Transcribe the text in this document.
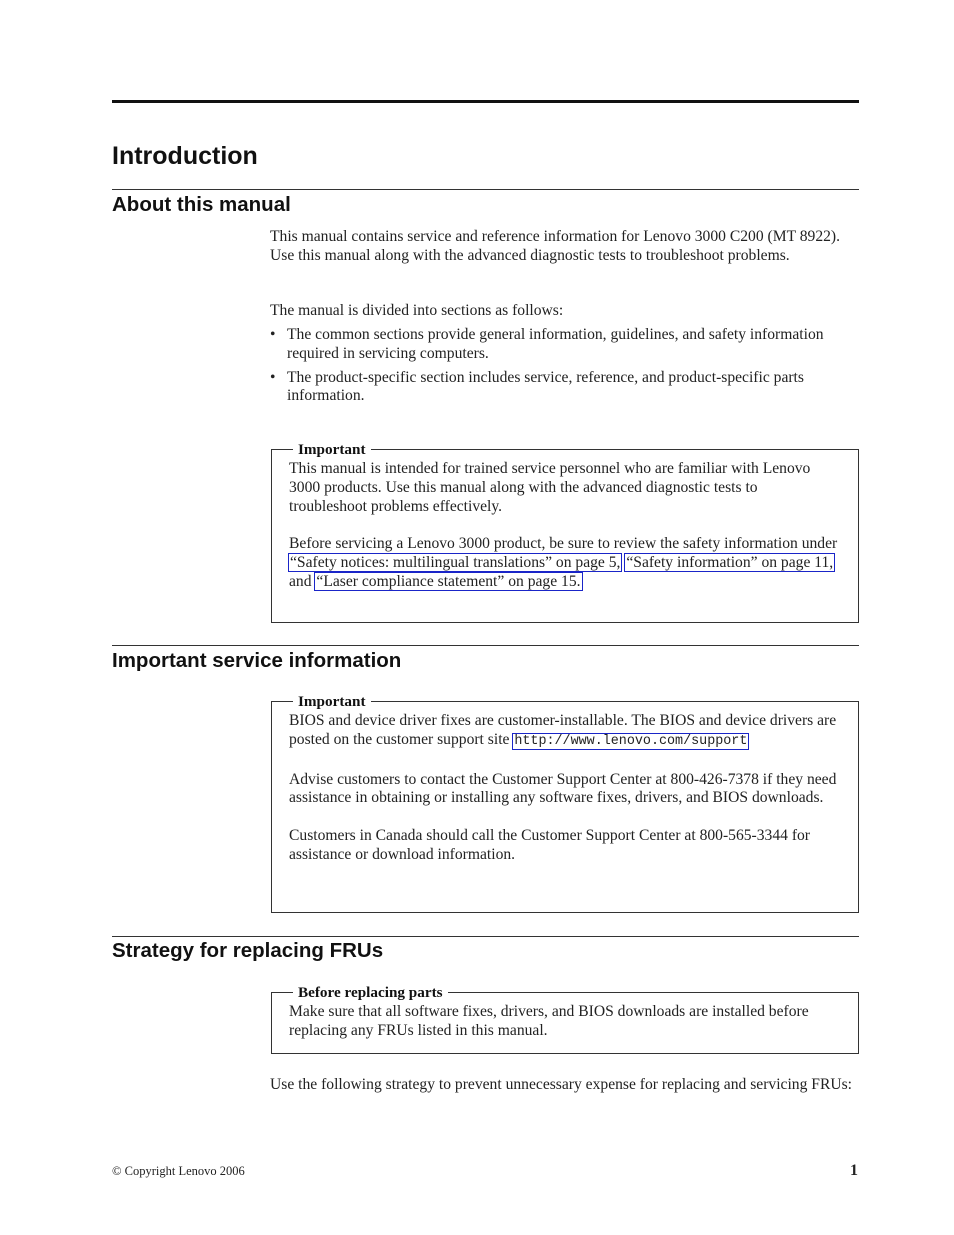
Introduction
About this manual

This manual contains service and reference information for Lenovo 3000 C200 (MT 8922). Use this manual along with the advanced diagnostic tests to troubleshoot problems.

The manual is divided into sections as follows:

• The common sections provide general information, guidelines, and safety information required in servicing computers.
• The product-specific section includes service, reference, and product-specific parts information.
Important

This manual is intended for trained service personnel who are familiar with Lenovo 3000 products. Use this manual along with the advanced diagnostic tests to troubleshoot problems effectively.

Before servicing a Lenovo 3000 product, be sure to review the safety information under “Safety notices: multilingual translations” on page 5, “Safety information” on page 11, and “Laser compliance statement” on page 15.

Important service information
Important

BIOS and device driver fixes are customer-installable. The BIOS and device drivers are posted on the customer support site http://www.lenovo.com/support

Advise customers to contact the Customer Support Center at 800-426-7378 if they need assistance in obtaining or installing any software fixes, drivers, and BIOS downloads.

Customers in Canada should call the Customer Support Center at 800-565-3344 for assistance or download information.

Strategy for replacing FRUs
Before replacing parts
Make sure that all software fixes, drivers, and BIOS downloads are installed before replacing any FRUs listed in this manual.

Use the following strategy to prevent unnecessary expense for replacing and servicing FRUs:

© Copyright Lenovo 2006	1
